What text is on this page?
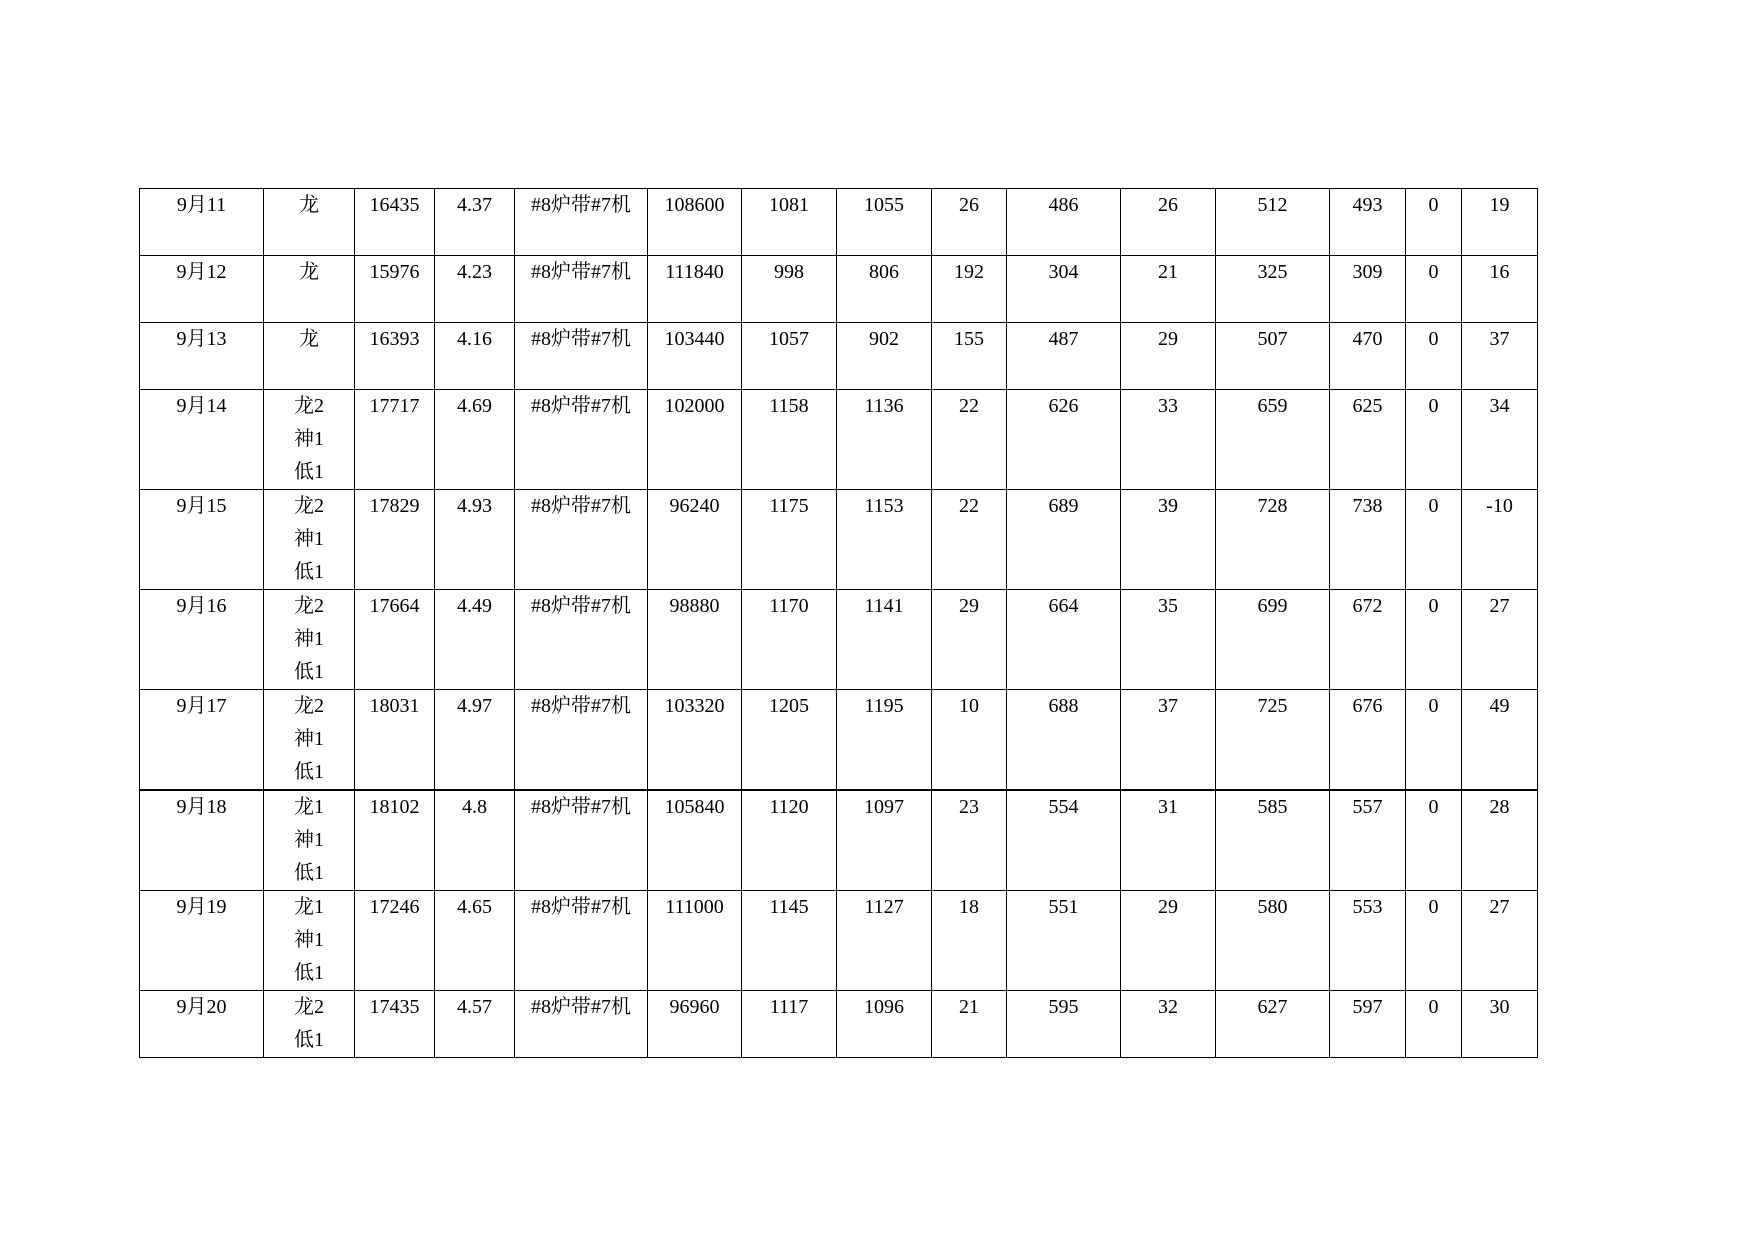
9月11	龙	16435	4.37	#8炉带#7机	108600	1081	1055	26	486	26	512	493	0	19
9月12	龙	15976	4.23	#8炉带#7机	111840	998	806	192	304	21	325	309	0	16
9月13	龙	16393	4.16	#8炉带#7机	103440	1057	902	155	487	29	507	470	0	37
9月14	龙2
神1
低1	17717	4.69	#8炉带#7机	102000	1158	1136	22	626	33	659	625	0	34
9月15	龙2
神1
低1	17829	4.93	#8炉带#7机	96240	1175	1153	22	689	39	728	738	0	-10
9月16	龙2
神1
低1	17664	4.49	#8炉带#7机	98880	1170	1141	29	664	35	699	672	0	27
9月17	龙2
神1
低1	18031	4.97	#8炉带#7机	103320	1205	1195	10	688	37	725	676	0	49
9月18	龙1
神1
低1	18102	4.8	#8炉带#7机	105840	1120	1097	23	554	31	585	557	0	28
9月19	龙1
神1
低1	17246	4.65	#8炉带#7机	111000	1145	1127	18	551	29	580	553	0	27
9月20	龙2
低1	17435	4.57	#8炉带#7机	96960	1117	1096	21	595	32	627	597	0	30
